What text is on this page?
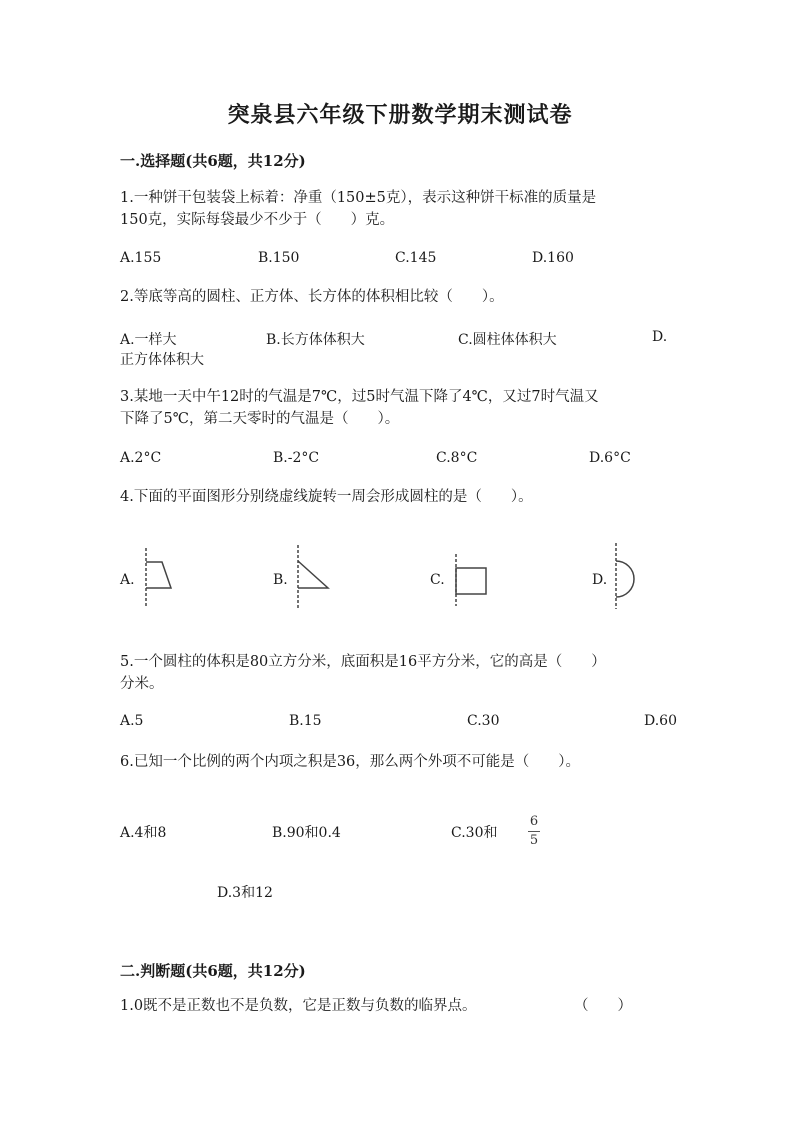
突泉县六年级下册数学期末测试卷
一.选择题(共6题，共12分)
1.一种饼干包装袋上标着：净重（150±5克），表示这种饼干标准的质量是
150克，实际每袋最少不少于（　　）克。
A.155	B.150	C.145	D.160
2.等底等高的圆柱、正方体、长方体的体积相比较（　　）。
A.一样大	B.长方体体积大	C.圆柱体体积大	D.
正方体体积大
3.某地一天中午12时的气温是7℃，过5时气温下降了4℃，又过7时气温又
下降了5℃，第二天零时的气温是（　　）。
A.2°C	B.-2°C	C.8°C	D.6°C
4.下面的平面图形分别绕虚线旋转一周会形成圆柱的是（　　）。
A.	B.	C.	D.
5.一个圆柱的体积是80立方分米，底面积是16平方分米，它的高是（　　）
分米。
A.5	B.15	C.30	D.60
6.已知一个比例的两个内项之积是36，那么两个外项不可能是（　　）。
A.4和8	B.90和0.4	C.30和
6
5
D.3和12
二.判断题(共6题，共12分)
1.0既不是正数也不是负数，它是正数与负数的临界点。	（　　）
